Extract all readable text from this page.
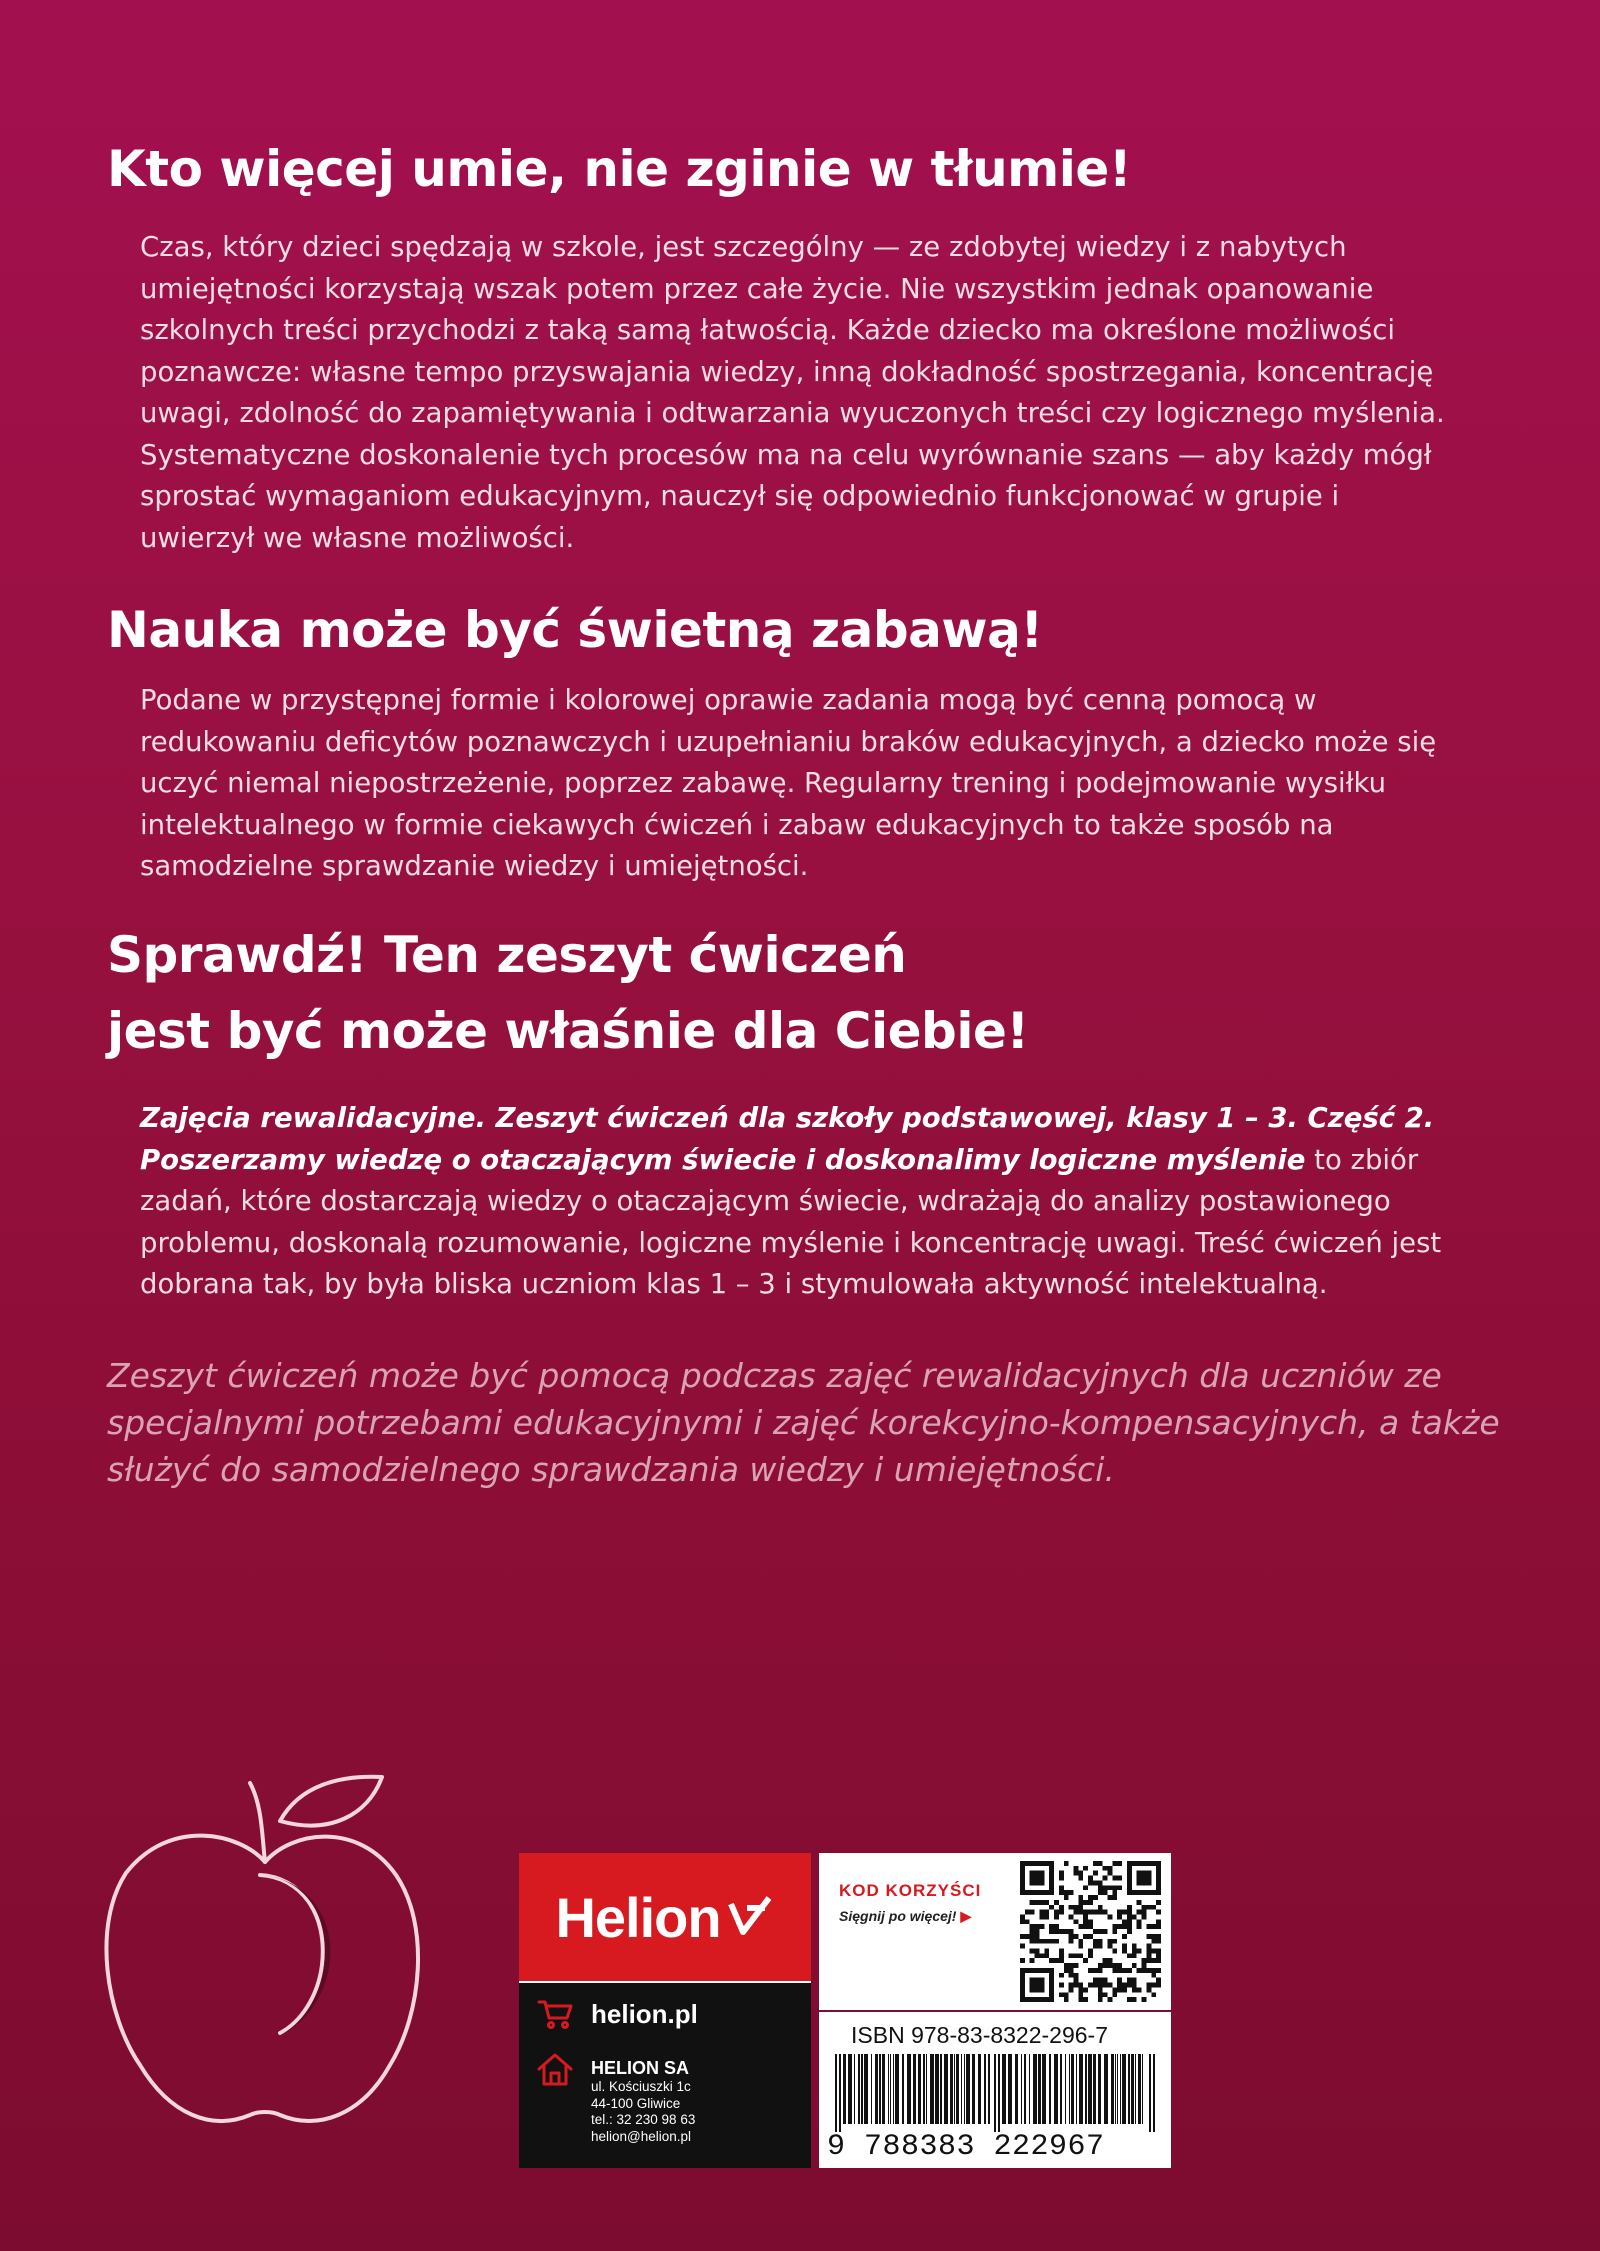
Kto więcej umie, nie zginie w tłumie!

Czas, który dzieci spędzają w szkole, jest szczególny — ze zdobytej wiedzy i z nabytych umiejętności korzystają wszak potem przez całe życie. Nie wszystkim jednak opanowanie szkolnych treści przychodzi z taką samą łatwością. Każde dziecko ma określone możliwości poznawcze: własne tempo przyswajania wiedzy, inną dokładność spostrzegania, koncentrację uwagi, zdolność do zapamiętywania i odtwarzania wyuczonych treści czy logicznego myślenia. Systematyczne doskonalenie tych procesów ma na celu wyrównanie szans — aby każdy mógł sprostać wymaganiom edukacyjnym, nauczył się odpowiednio funkcjonować w grupie i uwierzył we własne możliwości.

Nauka może być świetną zabawą!

Podane w przystępnej formie i kolorowej oprawie zadania mogą być cenną pomocą w redukowaniu deficytów poznawczych i uzupełnianiu braków edukacyjnych, a dziecko może się uczyć niemal niepostrzeżenie, poprzez zabawę. Regularny trening i podejmowanie wysiłku intelektualnego w formie ciekawych ćwiczeń i zabaw edukacyjnych to także sposób na samodzielne sprawdzanie wiedzy i umiejętności.

Sprawdź! Ten zeszyt ćwiczeń
jest być może właśnie dla Ciebie!

Zajęcia rewalidacyjne. Zeszyt ćwiczeń dla szkoły podstawowej, klasy 1 – 3. Część 2. Poszerzamy wiedzę o otaczającym świecie i doskonalimy logiczne myślenie to zbiór zadań, które dostarczają wiedzy o otaczającym świecie, wdrażają do analizy postawionego problemu, doskonalą rozumowanie, logiczne myślenie i koncentrację uwagi. Treść ćwiczeń jest dobrana tak, by była bliska uczniom klas 1 – 3 i stymulowała aktywność intelektualną.

Zeszyt ćwiczeń może być pomocą podczas zajęć rewalidacyjnych dla uczniów ze specjalnymi potrzebami edukacyjnymi i zajęć korekcyjno-kompensacyjnych, a także służyć do samodzielnego sprawdzania wiedzy i umiejętności.

Helion
helion.pl
HELION SA
ul. Kościuszki 1c
44-100 Gliwice
tel.: 32 230 98 63
helion@helion.pl
KOD KORZYŚCI
Sięgnij po więcej! ▶
ISBN 978-83-8322-296-7
9 788383 222967
